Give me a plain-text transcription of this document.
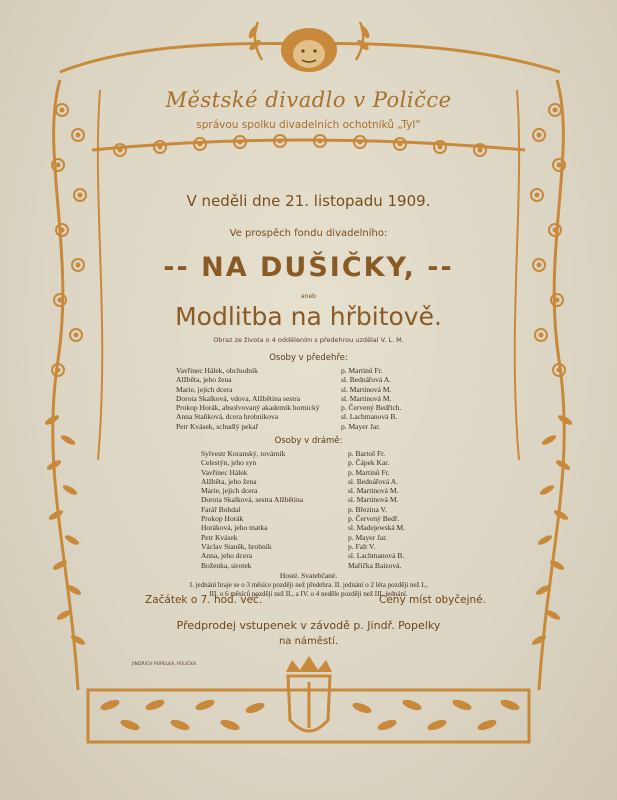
Městské divadlo v Poličce
správou spolku divadelních ochotníků „Tyl“
V neděli dne 21. listopadu 1909.
Ve prospěch fondu divadelního:
-- NA DUŠIČKY, --
aneb
Modlitba na hřbitově.
Obraz ze života o 4 oddělením s předehrou uzdělal V. L. M.
Osoby v předehře:
Vavřinec Hálek, obchodník	p. Martinů Fr.
Alžběta, jeho žena	sl. Bednářová A.
Marie, jejich dcera	sl. Martinová M.
Dorota Skalková, vdova, Alžbětina sestra	sl. Martinová M.
Prokop Horák, absolvovaný akademik hornický	p. Červený Bedřich.
Anna Staňková, dcera hrobníkova	sl. Lachmanová B.
Petr Kvásek, schudlý pekař	p. Mayer Jar.
Osoby v drámě:
Sylvestr Koranský, továrník	p. Bartoš Fr.
Celestýn, jeho syn	p. Čápek Kar.
Vavřinec Hálek	p. Martinů Fr.
Alžběta, jeho žena	sl. Bednářová A.
Marie, jejich dcera	sl. Martinová M.
Dorota Skalková, sestra Alžbětina	sl. Martinová M.
Farář Bohdal	p. Březina V.
Prokop Horák	p. Červený Bedř.
Horáková, jeho matka	sl. Madejewská M.
Petr Kvásek	p. Mayer Jar.
Václav Staněk, hrobník	p. Falt V.
Anna, jeho dcera	sl. Lachmanová B.
Boženka, sirotek	Maříčka Baizová.
Hosté. Svatebčané.
I. jednání hraje se o 3 měsíce později než předehra. II. jednání o 2 léta později než I.,
III. o 6 měsíců později než II., a IV. o 4 neděle později než III. jednání.
Začátek o 7. hod. več.	Ceny míst obyčejné.
Předprodej vstupenek v závodě p. Jindř. Popelky
na náměstí.
JINDŘICH POPELKA, POLIČKA.
